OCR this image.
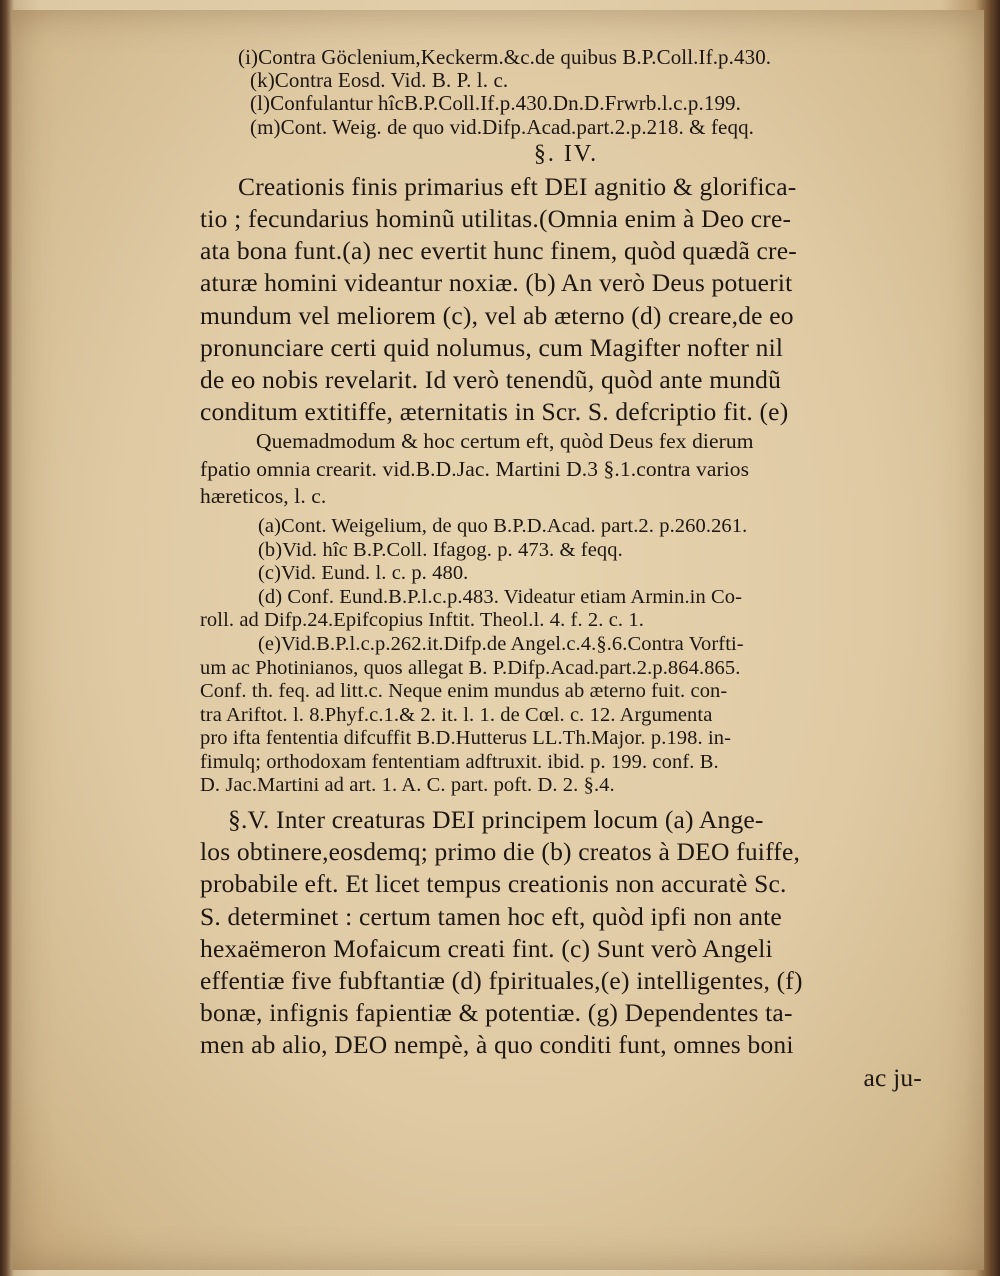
(i)Contra Göclenium,Keckerm.&c.de quibus B.P.Coll.If.p.430.
(k)Contra Eosd. Vid. B. P. l. c.
(l)Confulantur hîcB.P.Coll.If.p.430.Dn.D.Frwrb.l.c.p.199.
(m)Cont. Weig. de quo vid.Difp.Acad.part.2.p.218. & feqq.
§. IV.
Creationis finis primarius eft DEI agnitio & glorifica-
tio ; fecundarius hominũ utilitas.(Omnia enim à Deo cre-
ata bona funt.(a) nec evertit hunc finem, quòd quædã cre-
aturæ homini videantur noxiæ. (b) An verò Deus potuerit
mundum vel meliorem (c), vel ab æterno (d) creare,de eo
pronunciare certi quid nolumus, cum Magifter nofter nil
de eo nobis revelarit. Id verò tenendũ, quòd ante mundũ
conditum extitiffe, æternitatis in Scr. S. defcriptio fit. (e)
Quemadmodum & hoc certum eft, quòd Deus fex dierum
fpatio omnia crearit. vid.B.D.Jac. Martini D.3 §.1.contra varios
hæreticos, l. c.
(a)Cont. Weigelium, de quo B.P.D.Acad. part.2. p.260.261.
(b)Vid. hîc B.P.Coll. Ifagog. p. 473. & feqq.
(c)Vid. Eund. l. c. p. 480.
(d) Conf. Eund.B.P.l.c.p.483. Videatur etiam Armin.in Co-
roll. ad Difp.24.Epifcopius Inftit. Theol.l. 4. f. 2. c. 1.
(e)Vid.B.P.l.c.p.262.it.Difp.de Angel.c.4.§.6.Contra Vorfti-
um ac Photinianos, quos allegat B. P.Difp.Acad.part.2.p.864.865.
Conf. th. feq. ad litt.c. Neque enim mundus ab æterno fuit. con-
tra Ariftot. l. 8.Phyf.c.1.& 2. it. l. 1. de Cœl. c. 12. Argumenta
pro ifta fententia difcuffit B.D.Hutterus LL.Th.Major. p.198. in-
fimulq; orthodoxam fententiam adftruxit. ibid. p. 199. conf. B.
D. Jac.Martini ad art. 1. A. C. part. poft. D. 2. §.4.
§.V. Inter creaturas DEI principem locum (a) Ange-
los obtinere,eosdemq; primo die (b) creatos à DEO fuiffe,
probabile eft. Et licet tempus creationis non accuratè Sc.
S. determinet : certum tamen hoc eft, quòd ipfi non ante
hexaëmeron Mofaicum creati fint. (c) Sunt verò Angeli
effentiæ five fubftantiæ (d) fpirituales,(e) intelligentes, (f)
bonæ, infignis fapientiæ & potentiæ. (g) Dependentes ta-
men ab alio, DEO nempè, à quo conditi funt, omnes boni
ac ju-
